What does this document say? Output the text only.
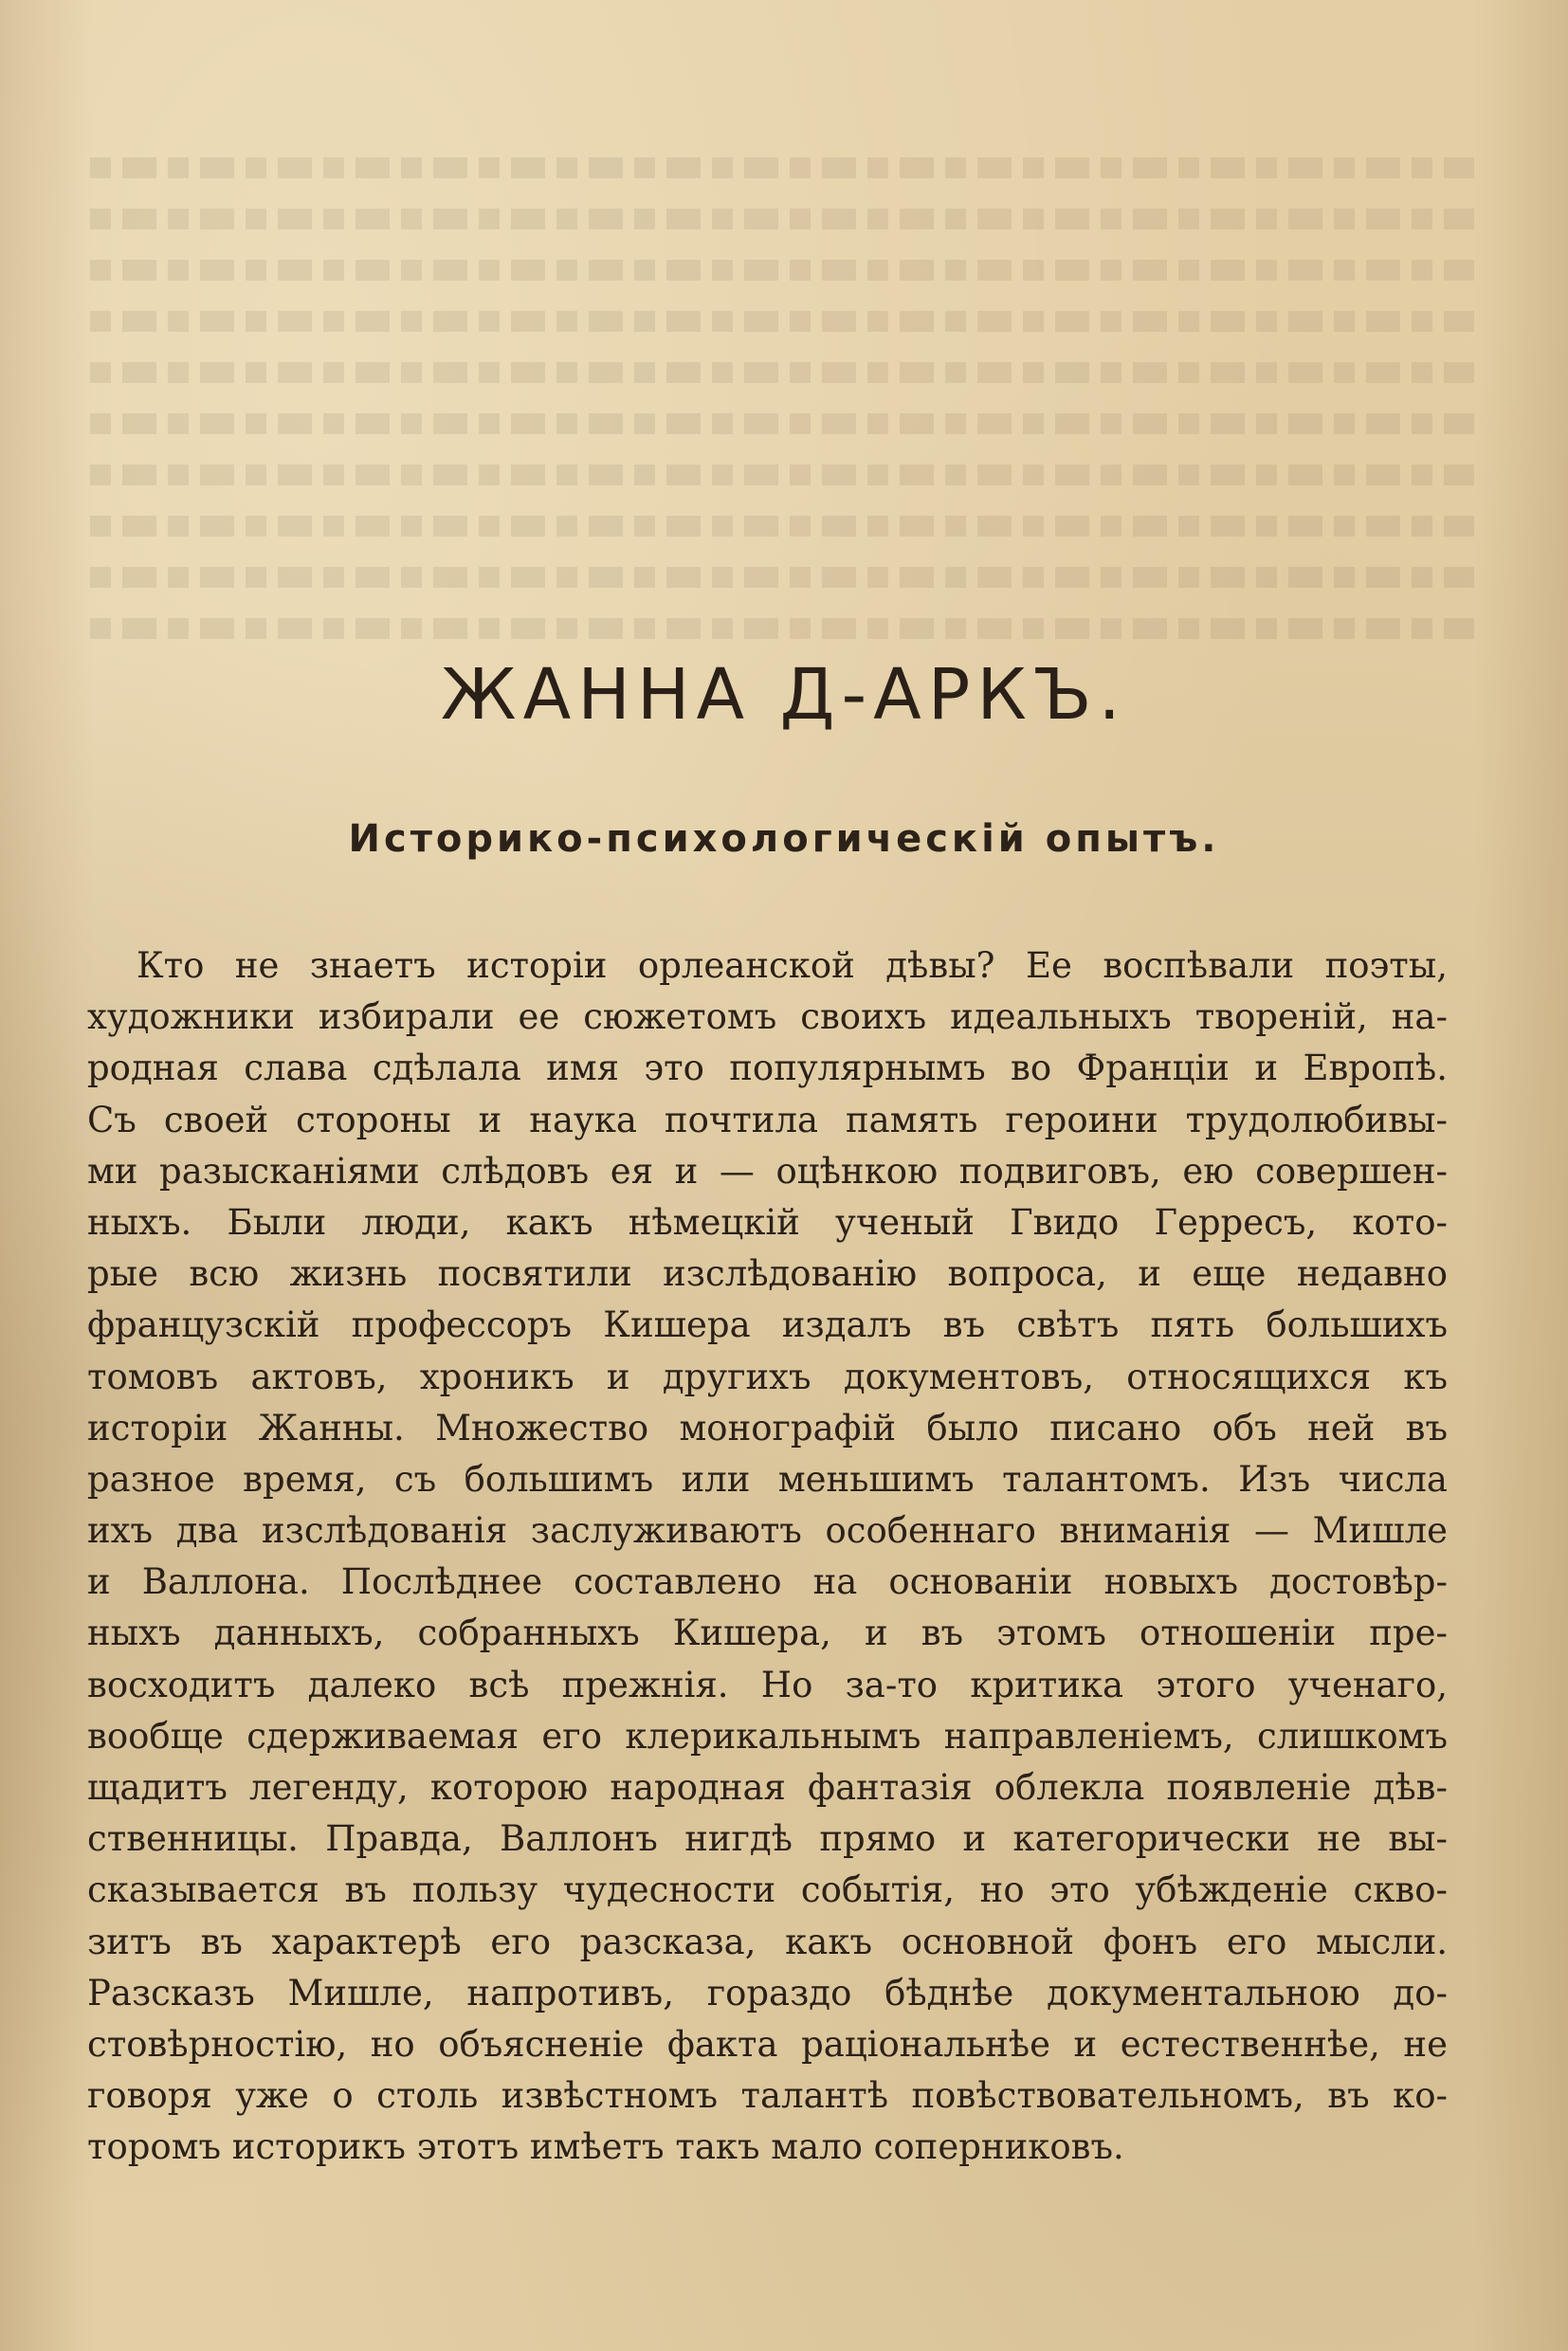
ЖАННА Д-АРКЪ.
Историко-психологическій опытъ.
Кто не знаетъ исторіи орлеанской дѣвы? Ее воспѣвали поэты,
художники избирали ее сюжетомъ своихъ идеальныхъ твореній, на-
родная слава сдѣлала имя это популярнымъ во Франціи и Европѣ.
Съ своей стороны и наука почтила память героини трудолюбивы-
ми разысканіями слѣдовъ ея и — оцѣнкою подвиговъ, ею совершен-
ныхъ. Были люди, какъ нѣмецкій ученый Гвидо Герресъ, кото-
рые всю жизнь посвятили изслѣдованію вопроса, и еще недавно
французскій профессоръ Кишера издалъ въ свѣтъ пять большихъ
томовъ актовъ, хроникъ и другихъ документовъ, относящихся къ
исторіи Жанны. Множество монографій было писано объ ней въ
разное время, съ большимъ или меньшимъ талантомъ. Изъ числа
ихъ два изслѣдованія заслуживаютъ особеннаго вниманія — Мишле
и Валлона. Послѣднее составлено на основаніи новыхъ достовѣр-
ныхъ данныхъ, собранныхъ Кишера, и въ этомъ отношеніи пре-
восходитъ далеко всѣ прежнія. Но за-то критика этого ученаго,
вообще сдерживаемая его клерикальнымъ направленіемъ, слишкомъ
щадитъ легенду, которою народная фантазія облекла появленіе дѣв-
ственницы. Правда, Валлонъ нигдѣ прямо и категорически не вы-
сказывается въ пользу чудесности событія, но это убѣжденіе скво-
зитъ въ характерѣ его разсказа, какъ основной фонъ его мысли.
Разсказъ Мишле, напротивъ, гораздо бѣднѣе документальною до-
стовѣрностію, но объясненіе факта раціональнѣе и естественнѣе, не
говоря уже о столь извѣстномъ талантѣ повѣствовательномъ, въ ко-
торомъ историкъ этотъ имѣетъ такъ мало соперниковъ.
